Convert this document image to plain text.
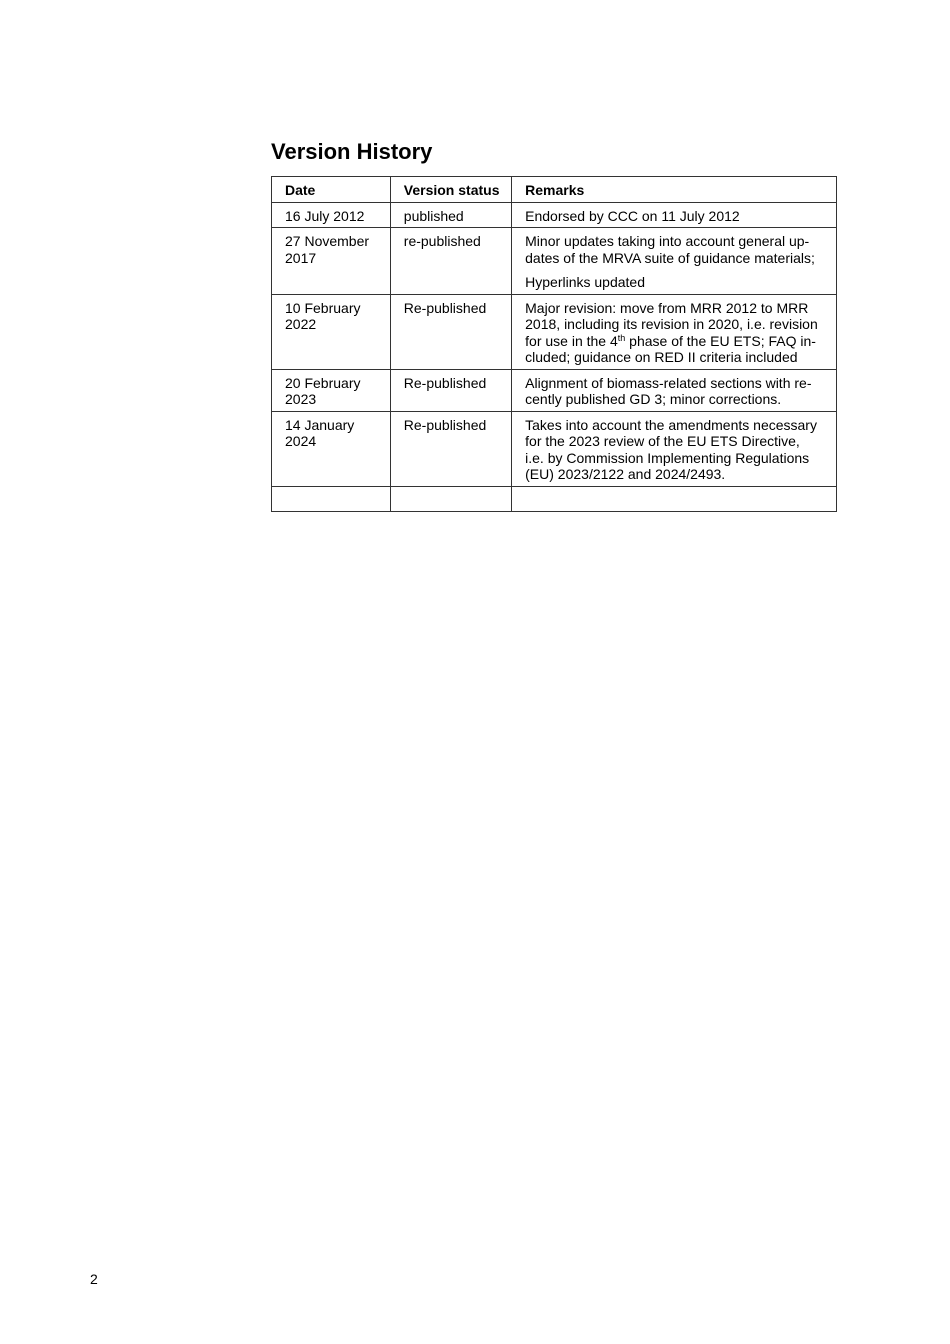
Version History
Date	Version status	Remarks

16 July 2012	published	Endorsed by CCC on 11 July 2012

27 November
2017	re-published	Minor updates taking into account general up-
dates of the MRVA suite of guidance materials;
Hyperlinks updated

10 February
2022	Re-published	Major revision: move from MRR 2012 to MRR
2018, including its revision in 2020, i.e. revision
for use in the 4th phase of the EU ETS; FAQ in-
cluded; guidance on RED II criteria included

20 February
2023	Re-published	Alignment of biomass-related sections with re-
cently published GD 3; minor corrections.

14 January
2024	Re-published	Takes into account the amendments necessary
for the 2023 review of the EU ETS Directive,
i.e. by Commission Implementing Regulations
(EU) 2023/2122 and 2024/2493.

2
